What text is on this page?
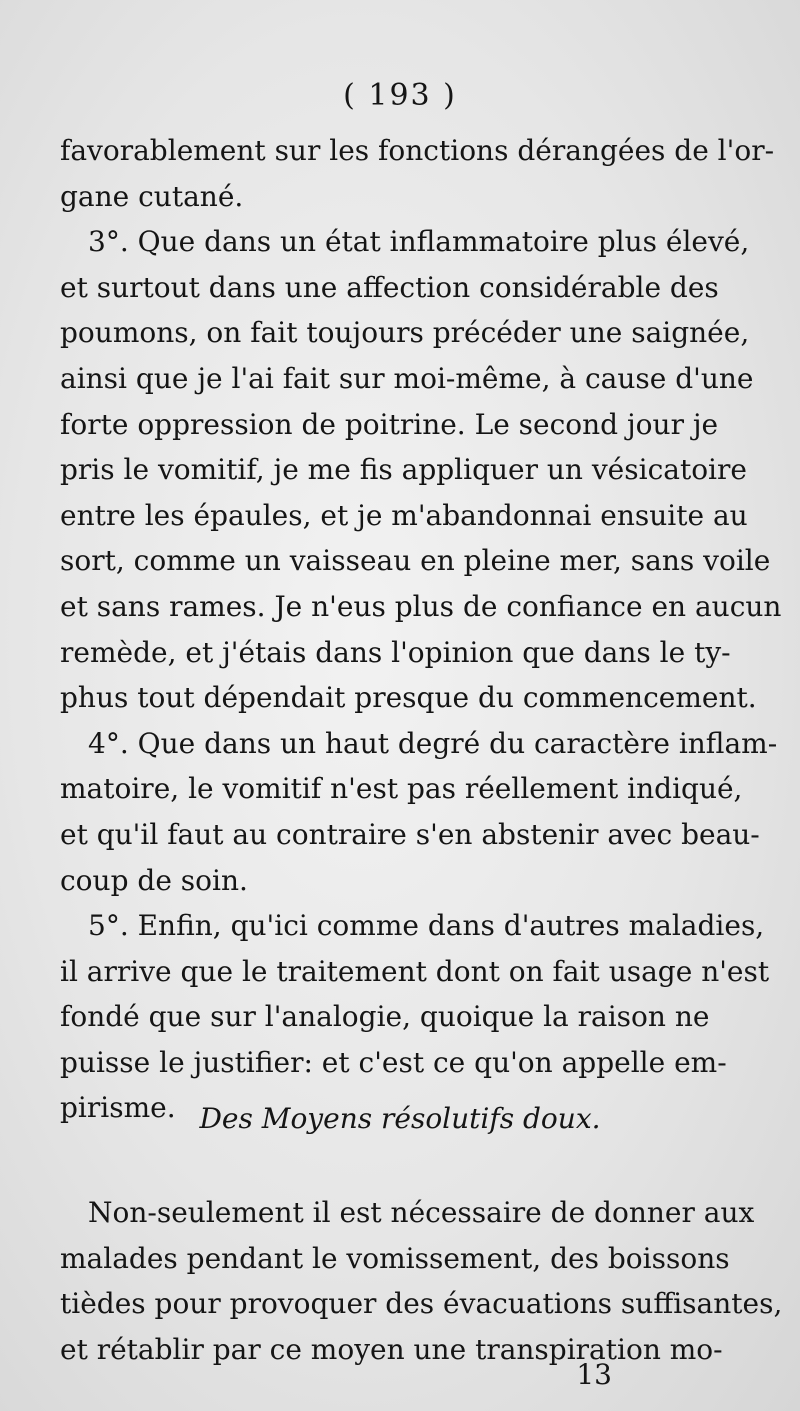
( 193 )
favorablement sur les fonctions dérangées de l'or-
gane cutané.
3°. Que dans un état inflammatoire plus élevé,
et surtout dans une affection considérable des
poumons, on fait toujours précéder une saignée,
ainsi que je l'ai fait sur moi-même, à cause d'une
forte oppression de poitrine. Le second jour je
pris le vomitif, je me fis appliquer un vésicatoire
entre les épaules, et je m'abandonnai ensuite au
sort, comme un vaisseau en pleine mer, sans voile
et sans rames. Je n'eus plus de confiance en aucun
remède, et j'étais dans l'opinion que dans le ty-
phus tout dépendait presque du commencement.
4°. Que dans un haut degré du caractère inflam-
matoire, le vomitif n'est pas réellement indiqué,
et qu'il faut au contraire s'en abstenir avec beau-
coup de soin.
5°. Enfin, qu'ici comme dans d'autres maladies,
il arrive que le traitement dont on fait usage n'est
fondé que sur l'analogie, quoique la raison ne
puisse le justifier: et c'est ce qu'on appelle em-
pirisme. Des Moyens résolutifs doux.
Non-seulement il est nécessaire de donner aux
malades pendant le vomissement, des boissons
tièdes pour provoquer des évacuations suffisantes,
et rétablir par ce moyen une transpiration mo-
13
